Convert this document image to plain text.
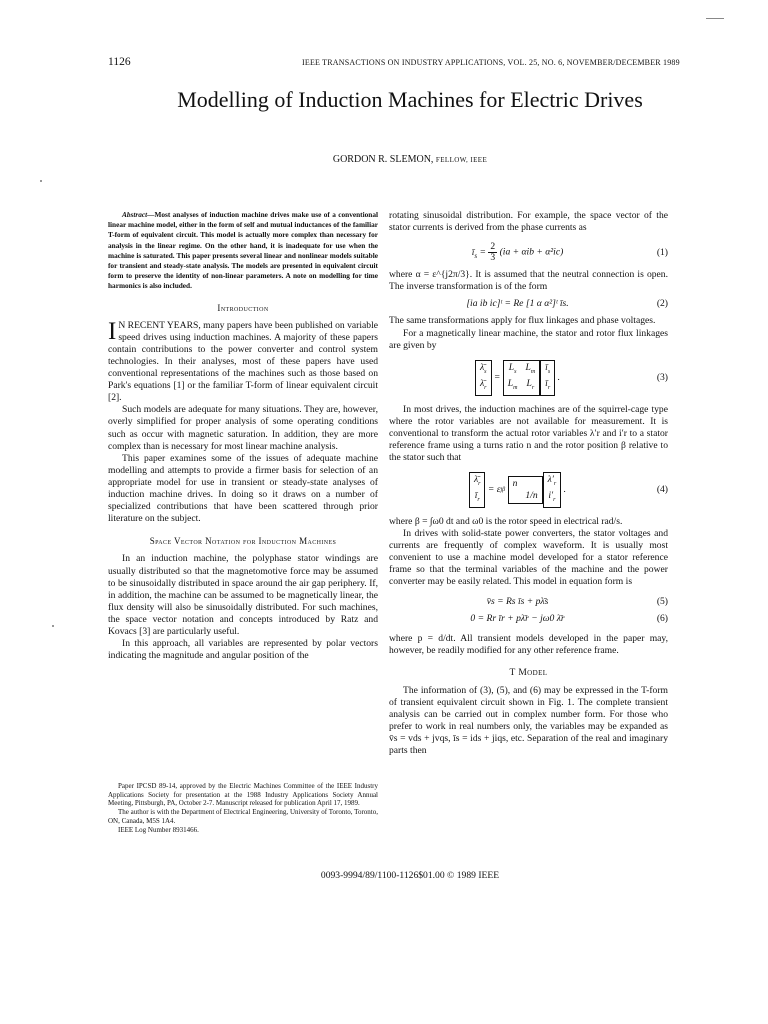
1126	IEEE TRANSACTIONS ON INDUSTRY APPLICATIONS, VOL. 25, NO. 6, NOVEMBER/DECEMBER 1989
Modelling of Induction Machines for Electric Drives
GORDON R. SLEMON, FELLOW, IEEE

Abstract—Most analyses of induction machine drives make use of a conventional linear machine model, either in the form of self and mutual inductances of the familiar T-form of equivalent circuit. This model is actually more complex than necessary for analysis in the linear regime. On the other hand, it is inadequate for use when the machine is saturated. This paper presents several linear and nonlinear models suitable for transient and steady-state analysis. The models are presented in equivalent circuit form to preserve the identity of non-linear parameters. A note on modelling for time harmonics is also included.

Introduction

I N RECENT YEARS, many papers have been published on variable speed drives using induction machines. A majority of these papers contain contributions to the power converter and control system technologies. In their analyses, most of these papers have used conventional representations of the machines such as those based on Park's equations [1] or the familiar T-form of linear equivalent circuit [2].

Such models are adequate for many situations. They are, however, overly simplified for proper analysis of some operating conditions such as occur with magnetic saturation. In addition, they are more complex than is necessary for most linear machine analysis.

This paper examines some of the issues of adequate machine modelling and attempts to provide a firmer basis for selection of an appropriate model for use in transient or steady-state analyses of induction machine drives. In doing so it draws on a number of specialized contributions that have been scattered through prior literature on the subject.

Space Vector Notation for Induction Machines

In an induction machine, the polyphase stator windings are usually distributed so that the magnetomotive force may be assumed to be sinusoidally distributed in space around the air gap periphery. If, in addition, the machine can be assumed to be magnetically linear, the flux density will also be sinusoidally distributed. For such machines, the space vector notation and concepts introduced by Ratz and Kovacs [3] are particularly useful.

In this approach, all variables are represented by polar vectors indicating the magnitude and angular position of the

Paper IPCSD 89-14, approved by the Electric Machines Committee of the IEEE Industry Applications Society for presentation at the 1988 Industry Applications Society Annual Meeting, Pittsburgh, PA, October 2-7. Manuscript released for publication April 17, 1989.

The author is with the Department of Electrical Engineering, University of Toronto, Toronto, ON, Canada, M5S 1A4.

IEEE Log Number 8931466.

rotating sinusoidal distribution. For example, the space vector of the stator currents is derived from the phase currents as

$ī_s = \frac{2}{3} (ia + \alpha ib + \alpha^2ic)$	(1)

where α = ε^{j2π/3}. It is assumed that the neutral connection is open. The inverse transformation is of the form

[ia ib ic]ᵗ = Re [1 α α²]ᵗ īs.	(2)

The same transformations apply for flux linkages and phase voltages.

For a magnetically linear machine, the stator and rotor flux linkages are given by

$\lambdā_s$
$\lambdā_r$
=
$L_s$ $L_m$
$L_m$ $L_r$
$ī_s$
$ī_r$
.	(3)

In most drives, the induction machines are of the squirrel-cage type where the rotor variables are not available for measurement. It is conventional to transform the actual rotor variables λ′r and i′r to a stator reference frame using a turns ratio n and the rotor position β relative to the stator such that

$\lambdā_r$
$ī_r$
= ε jβ

n
1/n
$\lambda'_r$
$i'_r$
.	(4)

where β = ∫ω0 dt and ω0 is the rotor speed in electrical rad/s.

In drives with solid-state power converters, the stator voltages and currents are frequently of complex waveform. It is usually most convenient to use a machine model developed for a stator reference frame so that the terminal variables of the machine and the power converter may be easily related. This model in equation form is

v̄s = Rs īs + pλ̄s	(5)
0 = Rr īr + pλ̄r − jω0 λ̄r	(6)

where p = d/dt. All transient models developed in the paper may, however, be readily modified for any other reference frame.

T Model

The information of (3), (5), and (6) may be expressed in the T-form of transient equivalent circuit shown in Fig. 1. The complete transient analysis can be carried out in complex number form. For those who prefer to work in real numbers only, the variables may be expanded as v̄s = vds + jvqs, īs = ids + jiqs, etc. Separation of the real and imaginary parts then

0093-9994/89/1100-1126$01.00 © 1989 IEEE
